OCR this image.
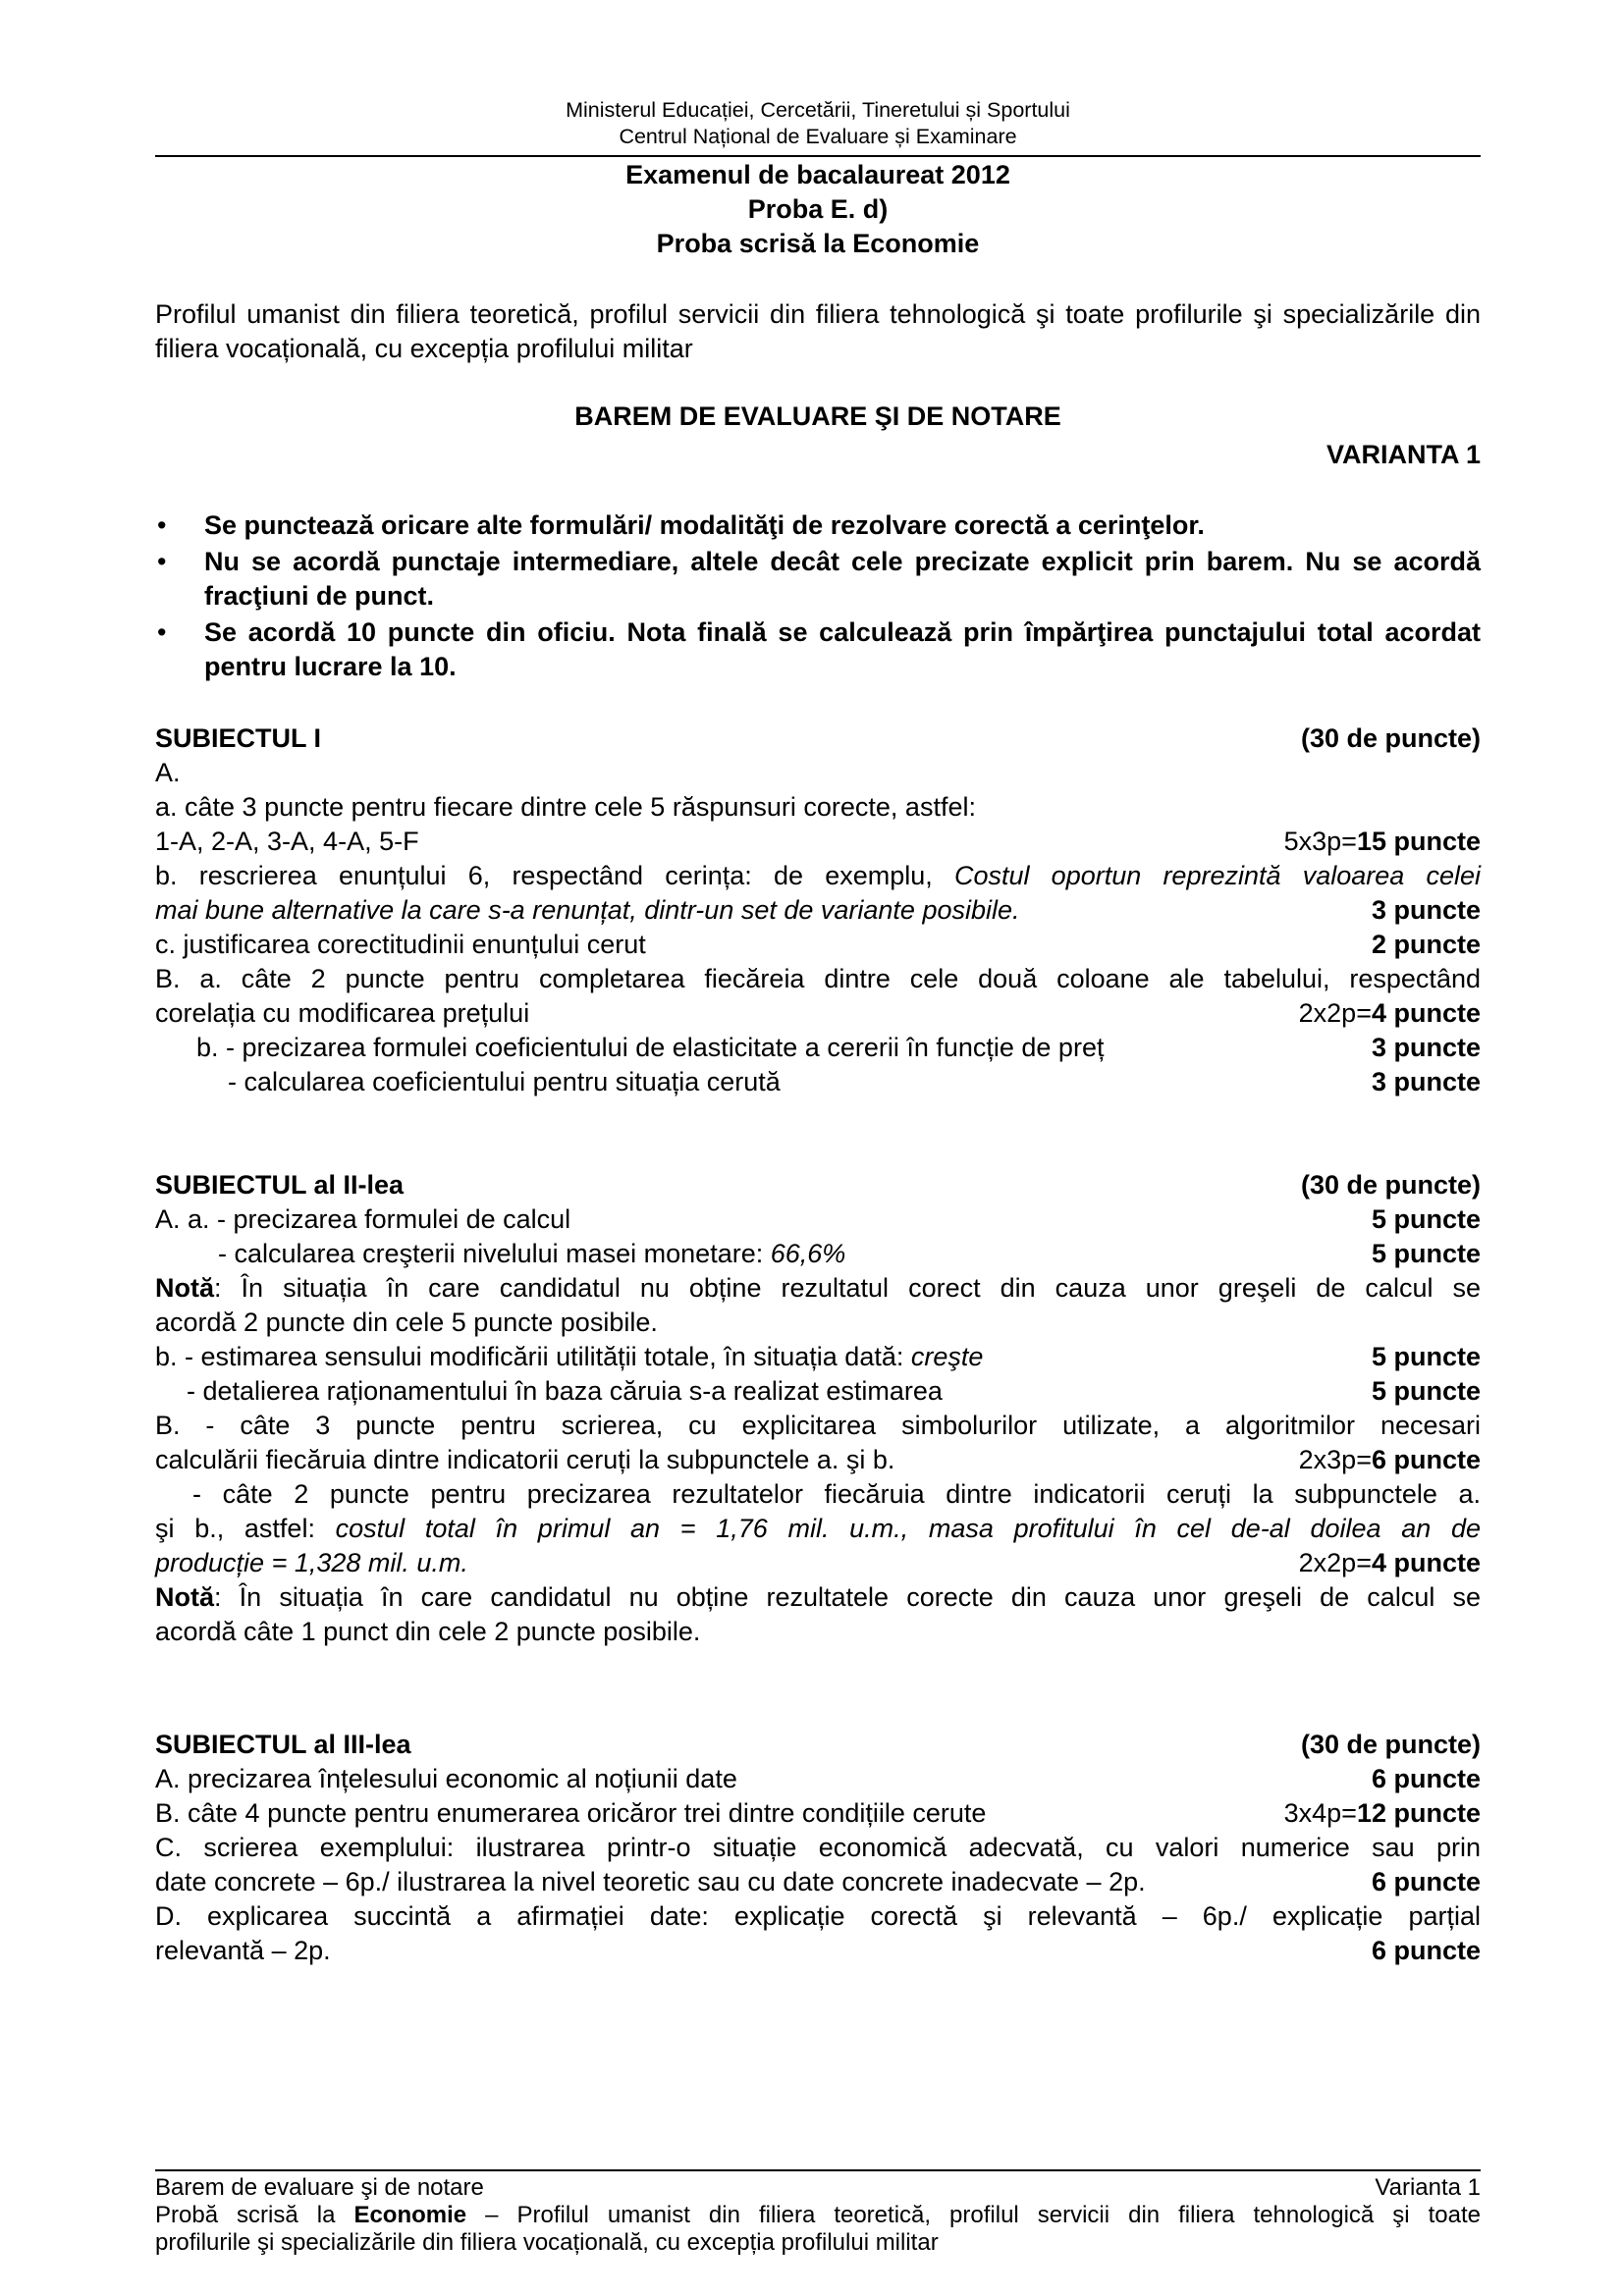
Ministerul Educației, Cercetării, Tineretului și Sportului
Centrul Național de Evaluare și Examinare
Examenul de bacalaureat 2012
Proba E. d)
Proba scrisă la Economie
Profilul umanist din filiera teoretică, profilul servicii din filiera tehnologică şi toate profilurile şi specializările din filiera vocațională, cu excepția profilului militar
BAREM DE EVALUARE ŞI DE NOTARE
VARIANTA 1
• Se punctează oricare alte formulări/ modalităţi de rezolvare corectă a cerinţelor.
• Nu se acordă punctaje intermediare, altele decât cele precizate explicit prin barem. Nu se acordă fracţiuni de punct.
• Se acordă 10 puncte din oficiu. Nota finală se calculează prin împărţirea punctajului total acordat pentru lucrare la 10.
SUBIECTUL I	(30 de puncte)
A.
a. câte 3 puncte pentru fiecare dintre cele 5 răspunsuri corecte, astfel:
1-A, 2-A, 3-A, 4-A, 5-F	5x3p=15 puncte
b. rescrierea enunțului 6, respectând cerința: de exemplu, Costul oportun reprezintă valoarea celei
mai bune alternative la care s-a renunțat, dintr-un set de variante posibile.	3 puncte
c. justificarea corectitudinii enunțului cerut	2 puncte
B. a. câte 2 puncte pentru completarea fiecăreia dintre cele două coloane ale tabelului, respectând
corelația cu modificarea prețului	2x2p=4 puncte
b. - precizarea formulei coeficientului de elasticitate a cererii în funcție de preț	3 puncte
- calcularea coeficientului pentru situația cerută	3 puncte
SUBIECTUL al II-lea	(30 de puncte)
A. a. - precizarea formulei de calcul	5 puncte
- calcularea creşterii nivelului masei monetare: 66,6%	5 puncte
Notă: În situația în care candidatul nu obține rezultatul corect din cauza unor greşeli de calcul se
acordă 2 puncte din cele 5 puncte posibile.
b. - estimarea sensului modificării utilității totale, în situația dată: creşte	5 puncte
- detalierea raționamentului în baza căruia s-a realizat estimarea	5 puncte
B. - câte 3 puncte pentru scrierea, cu explicitarea simbolurilor utilizate, a algoritmilor necesari
calculării fiecăruia dintre indicatorii ceruți la subpunctele a. şi b.	2x3p=6 puncte
- câte 2 puncte pentru precizarea rezultatelor fiecăruia dintre indicatorii ceruți la subpunctele a.
şi b., astfel: costul total în primul an = 1,76 mil. u.m., masa profitului în cel de-al doilea an de
producție = 1,328 mil. u.m.	2x2p=4 puncte
Notă: În situația în care candidatul nu obține rezultatele corecte din cauza unor greşeli de calcul se
acordă câte 1 punct din cele 2 puncte posibile.
SUBIECTUL al III-lea	(30 de puncte)
A. precizarea înțelesului economic al noțiunii date	6 puncte
B. câte 4 puncte pentru enumerarea oricăror trei dintre condițiile cerute	3x4p=12 puncte
C. scrierea exemplului: ilustrarea printr-o situație economică adecvată, cu valori numerice sau prin
date concrete – 6p./ ilustrarea la nivel teoretic sau cu date concrete inadecvate – 2p.	6 puncte
D. explicarea succintă a afirmației date: explicație corectă şi relevantă – 6p./ explicație parțial
relevantă – 2p.	6 puncte
Barem de evaluare şi de notare	Varianta 1
Probă scrisă la Economie – Profilul umanist din filiera teoretică, profilul servicii din filiera tehnologică şi toate
profilurile şi specializările din filiera vocațională, cu excepția profilului militar
